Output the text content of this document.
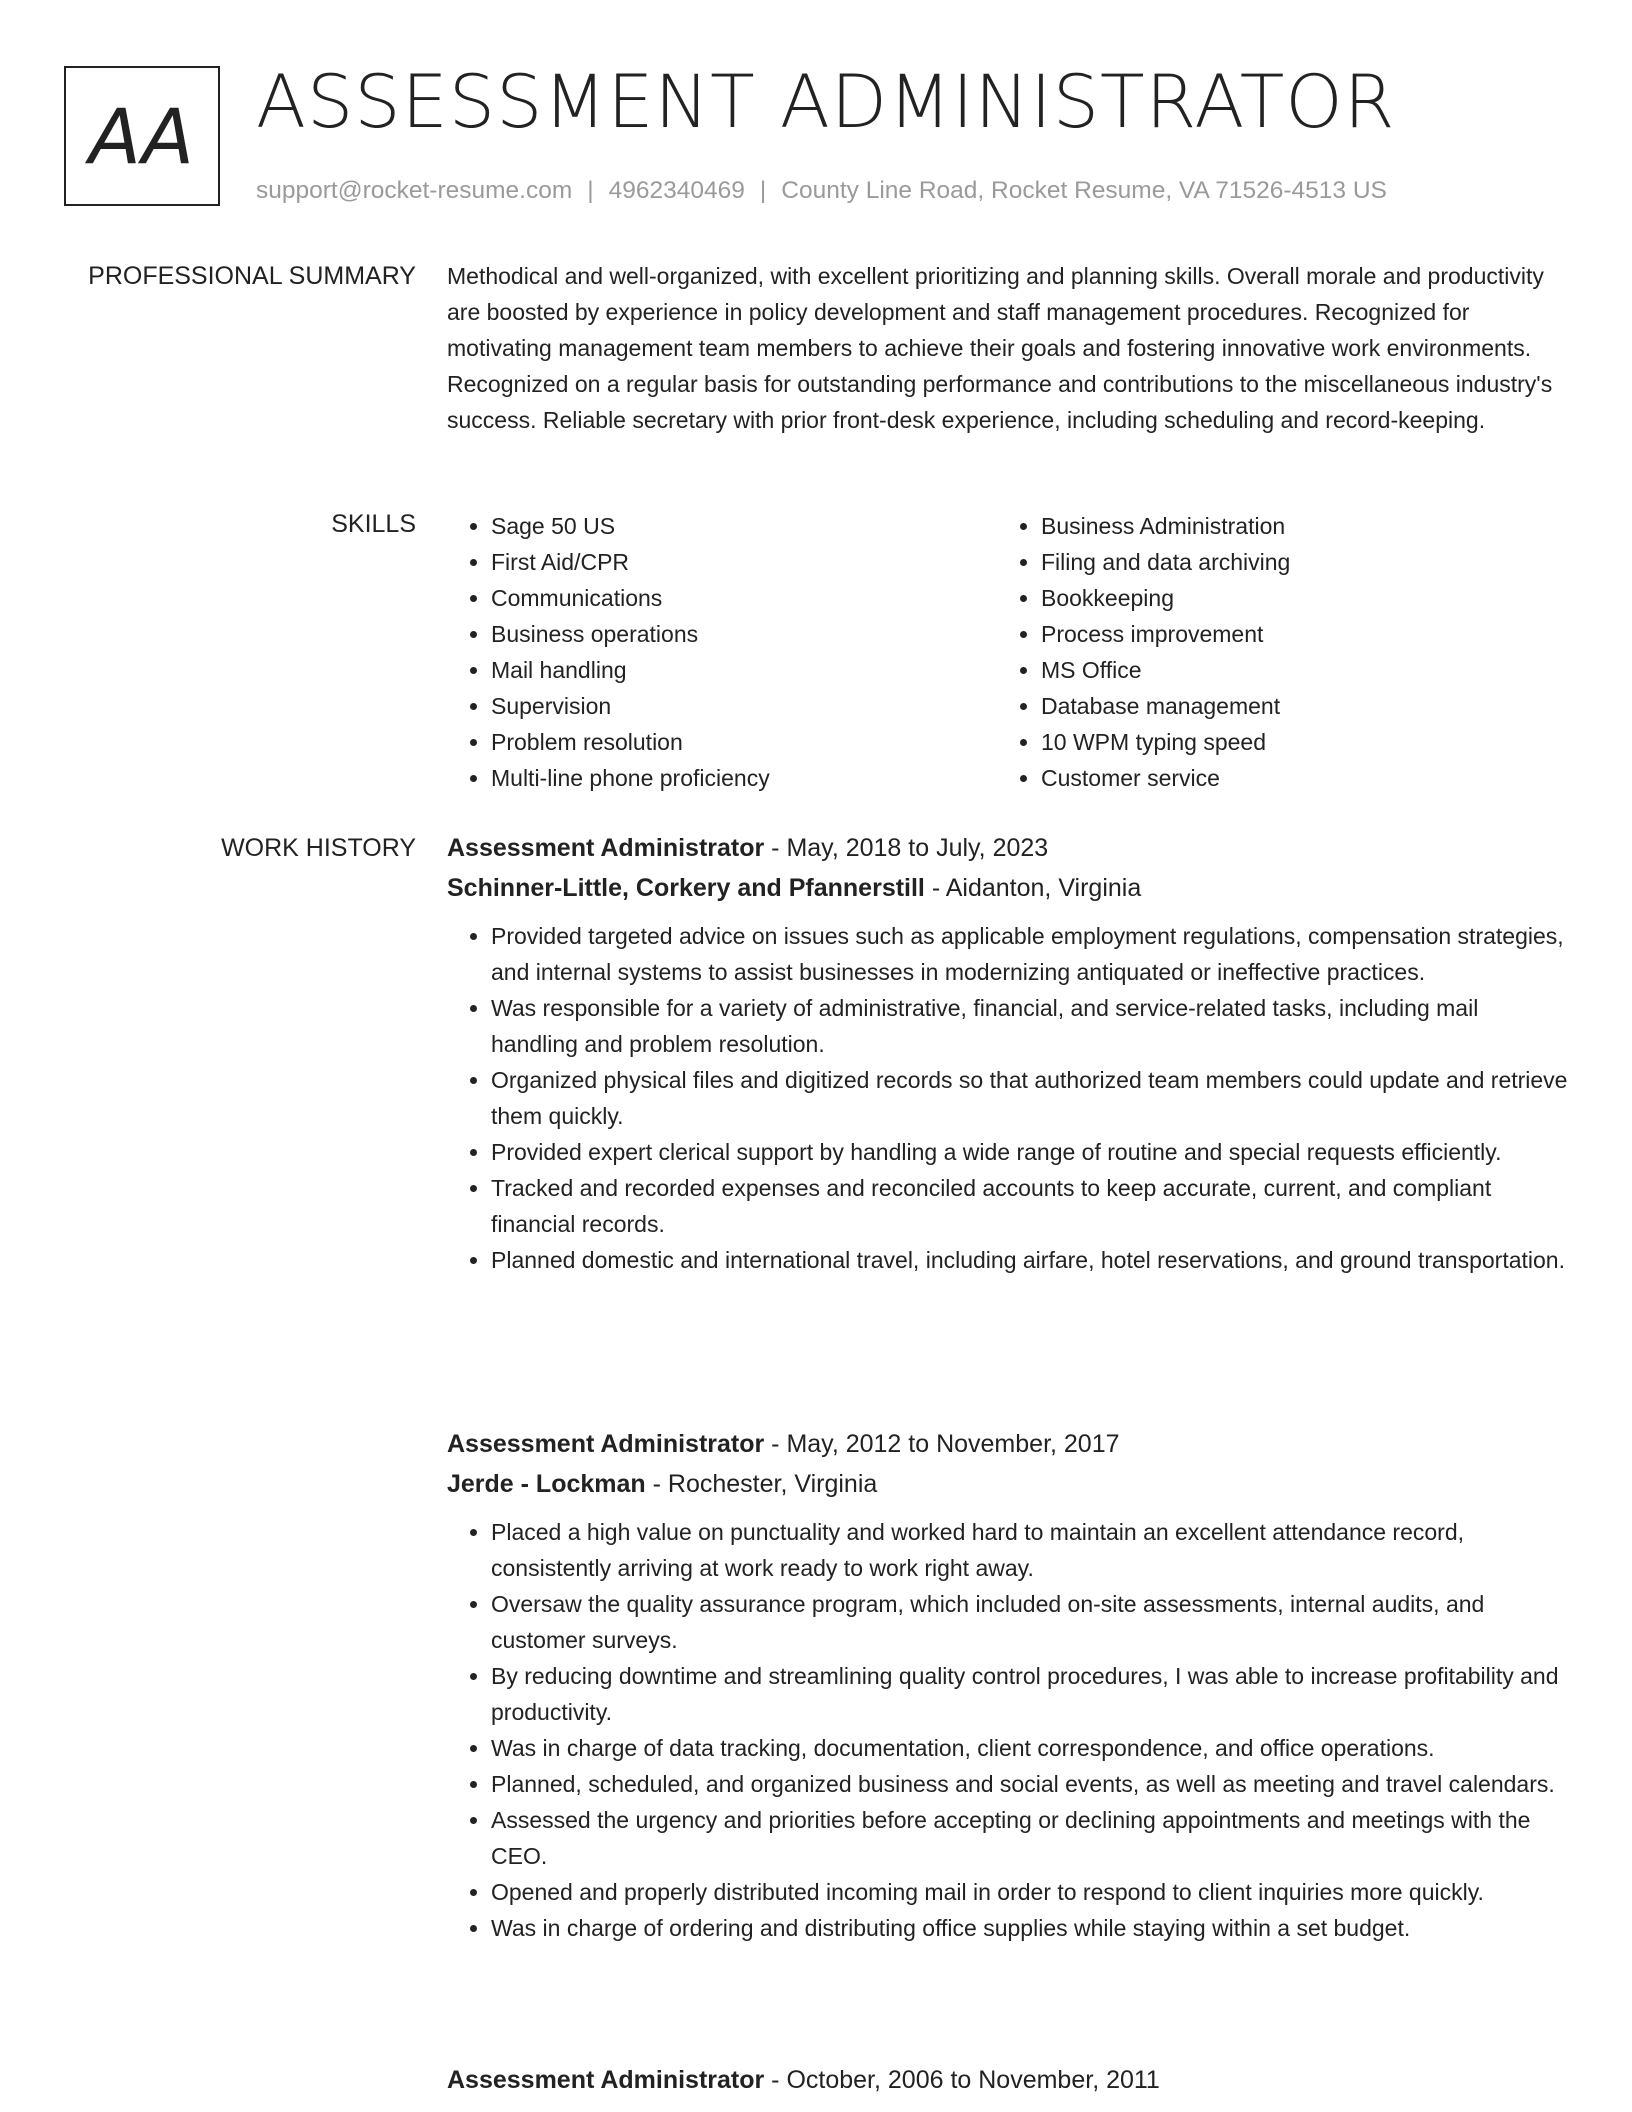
AA ASSESSMENT ADMINISTRATOR
support@rocket-resume.com | 4962340469 | County Line Road, Rocket Resume, VA 71526-4513 US
PROFESSIONAL SUMMARY Methodical and well-organized, with excellent prioritizing and planning skills. Overall morale and productivity are boosted by experience in policy development and staff management procedures. Recognized for motivating management team members to achieve their goals and fostering innovative work environments. Recognized on a regular basis for outstanding performance and contributions to the miscellaneous industry's success. Reliable secretary with prior front-desk experience, including scheduling and record-keeping.

SKILLS
•	Sage 50 US
• First Aid/CPR
• Communications
• Business operations
• Mail handling
• Supervision
• Problem resolution
• Multi-line phone proficiency
• Business Administration
• Filing and data archiving
• Bookkeeping
• Process improvement
• MS Office
• Database management
• 10 WPM typing speed
• Customer service
WORK HISTORY Assessment Administrator - May, 2018 to July, 2023

Schinner-Little, Corkery and Pfannerstill - Aidanton, Virginia

• Provided targeted advice on issues such as applicable employment regulations, compensation strategies, and internal systems to assist businesses in modernizing antiquated or ineffective practices.
• Was responsible for a variety of administrative, financial, and service-related tasks, including mail handling and problem resolution.
• Organized physical files and digitized records so that authorized team members could update and retrieve them quickly.
• Provided expert clerical support by handling a wide range of routine and special requests efficiently.
• Tracked and recorded expenses and reconciled accounts to keep accurate, current, and compliant financial records.
• Planned domestic and international travel, including airfare, hotel reservations, and ground transportation.

Assessment Administrator - May, 2012 to November, 2017

Jerde - Lockman - Rochester, Virginia

• Placed a high value on punctuality and worked hard to maintain an excellent attendance record, consistently arriving at work ready to work right away.
• Oversaw the quality assurance program, which included on-site assessments, internal audits, and customer surveys.
• By reducing downtime and streamlining quality control procedures, I was able to increase profitability and productivity.
• Was in charge of data tracking, documentation, client correspondence, and office operations.
• Planned, scheduled, and organized business and social events, as well as meeting and travel calendars.
• Assessed the urgency and priorities before accepting or declining appointments and meetings with the CEO.
• Opened and properly distributed incoming mail in order to respond to client inquiries more quickly.
• Was in charge of ordering and distributing office supplies while staying within a set budget.

Assessment Administrator - October, 2006 to November, 2011
